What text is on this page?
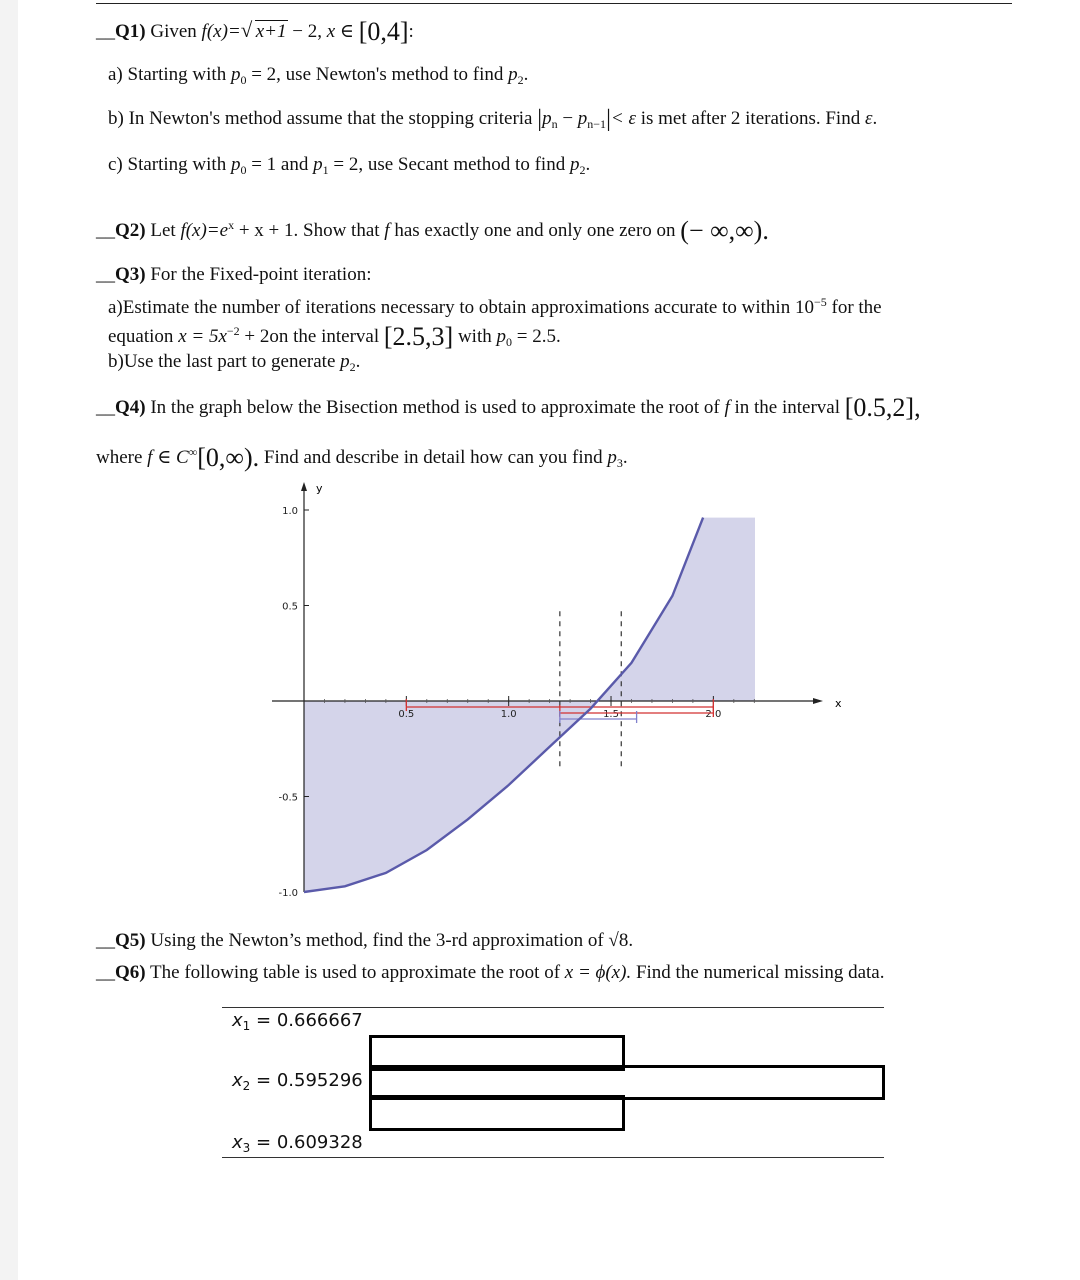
__Q1) Given f(x)= √ x+1 − 2, x ∈ [0,4]:
a) Starting with $p_0 = 2$, use Newton's method to find $p_2$.
b) In Newton's method assume that the stopping criteria $|p_n - p_{n-1}|< \varepsilon$ is met after 2 iterations. Find ε.
c) Starting with $p_0 = 1$ and $p_1 = 2$, use Secant method to find $p_2$.
__Q2) Let $f(x)=e^x + x + 1$. Show that f has exactly one and only one zero on (− ∞,∞).
__Q3) For the Fixed-point iteration:
a)Estimate the number of iterations necessary to obtain approximations accurate to within $10^{-5}$ for the
equation $x = 5x^{-2} + 2on$ the interval [2.5,3] with $p_0 = 2.5$.
b)Use the last part to generate $p_2$.
__Q4) In the graph below the Bisection method is used to approximate the root of f in the interval [0.5,2],
where f ∈ C∞[0,∞). Find and describe in detail how can you find $p_3$.
y
x
1.0
0.5
-0.5
-1.0
0.5	1.0	1.5	2.0
__Q5) Using the Newton’s method, find the 3-rd approximation of √8.
__Q6) The following table is used to approximate the root of x = ϕ(x). Find the numerical missing data.
$x_1 = 0.666667$
$x_2 = 0.595296$
$x_3 = 0.609328$
